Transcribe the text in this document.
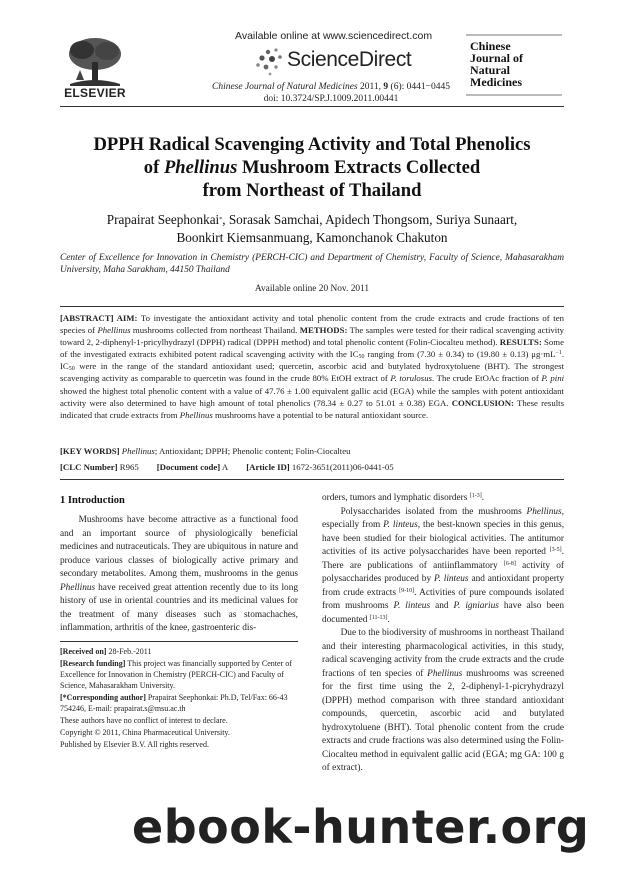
ELSEVIER
Available online at www.sciencedirect.com
ScienceDirect
Chinese Journal of Natural Medicines 2011, 9 (6): 0441−0445
doi: 10.3724/SP.J.1009.2011.00441
Chinese
Journal of
Natural
Medicines
DPPH Radical Scavenging Activity and Total Phenolics
of Phellinus Mushroom Extracts Collected
from Northeast of Thailand
Prapairat Seephonkai*, Sorasak Samchai, Apidech Thongsom, Suriya Sunaart,
Boonkirt Kiemsanmuang, Kamonchanok Chakuton
Center of Excellence for Innovation in Chemistry (PERCH-CIC) and Department of Chemistry, Faculty of Science, Mahasarakham University, Maha Sarakham, 44150 Thailand
Available online 20 Nov. 2011
[ABSTRACT] AIM: To investigate the antioxidant activity and total phenolic content from the crude extracts and crude fractions of ten species of Phellinus mushrooms collected from northeast Thailand. METHODS: The samples were tested for their radical scavenging activity toward 2, 2-diphenyl-1-pricylhydrazyl (DPPH) radical (DPPH method) and total phenolic content (Folin-Ciocalteu method). RESULTS: Some of the investigated extracts exhibited potent radical scavenging activity with the $IC_{50}$ ranging from (7.30 ± 0.34) to (19.80 ± 0.13) $\mu g\cdot mL^{-1}$. $IC_{50}$ were in the range of the standard antioxidant used; quercetin, ascorbic acid and butylated hydroxytoluene (BHT). The strongest scavenging activity as comparable to quercetin was found in the crude 80% EtOH extract of P. torulosus. The crude EtOAc fraction of P. pini showed the highest total phenolic content with a value of 47.76 ± 1.00 equivalent gallic acid (EGA) while the samples with potent antioxidant activity were also determined to have high amount of total phenolics (78.34 ± 0.27 to 51.01 ± 0.38) EGA. CONCLUSION: These results indicated that crude extracts from Phellinus mushrooms have a potential to be natural antioxidant source.
[KEY WORDS] Phellinus; Antioxidant; DPPH; Phenolic content; Folin-Ciocalteu
[CLC Number] R965 [Document code] A [Article ID] 1672-3651(2011)06-0441-05
1 Introduction
Mushrooms have become attractive as a functional food and an important source of physiologically beneficial medicines and nutraceuticals. They are ubiquitous in nature and produce various classes of biologically active primary and secondary metabolites. Among them, mushrooms in the genus Phellinus have received great attention recently due to its long history of use in oriental countries and its medicinal values for the treatment of many diseases such as stomachaches, inflammation, arthritis of the knee, gastroenteric dis-

[Received on] 28-Feb.-2011

[Research funding] This project was financially supported by Center of Excellence for Innovation in Chemistry (PERCH-CIC) and Faculty of Science, Mahasarakham University.

[*Corresponding author] Prapairat Seephonkai: Ph.D, Tel/Fax: 66-43 754246, E-mail: prapairat.s@msu.ac.th

These authors have no conflict of interest to declare.

Copyright © 2011, China Pharmaceutical University.

Published by Elsevier B.V. All rights reserved.

orders, tumors and lymphatic disorders [1-3].
Polysaccharides isolated from the mushrooms Phellinus, especially from P. linteus, the best-known species in this genus, have been studied for their biological activities. The antitumor activities of its active polysaccharides have been reported [3-5]. There are publications of antiinflammatory [6-8] activity of polysaccharides produced by P. linteus and antioxidant property from crude extracts [9-10]. Activities of pure compounds isolated from mushrooms P. linteus and P. igniarius have also been documented [11-13].
Due to the biodiversity of mushrooms in northeast Thailand and their interesting pharmacological activities, in this study, radical scavenging activity from the crude extracts and the crude fractions of ten species of Phellinus mushrooms was screened for the first time using the 2, 2-diphenyl-1-picryhydrazyl (DPPH) method comparison with three standard antioxidant compounds, quercetin, ascorbic acid and butylated hydroxytoluene (BHT). Total phenolic content from the crude extracts and crude fractions was also determined using the Folin-Ciocalteu method in equivalent gallic acid (EGA; mg GA: 100 g of extract).
ebook-hunter.org
